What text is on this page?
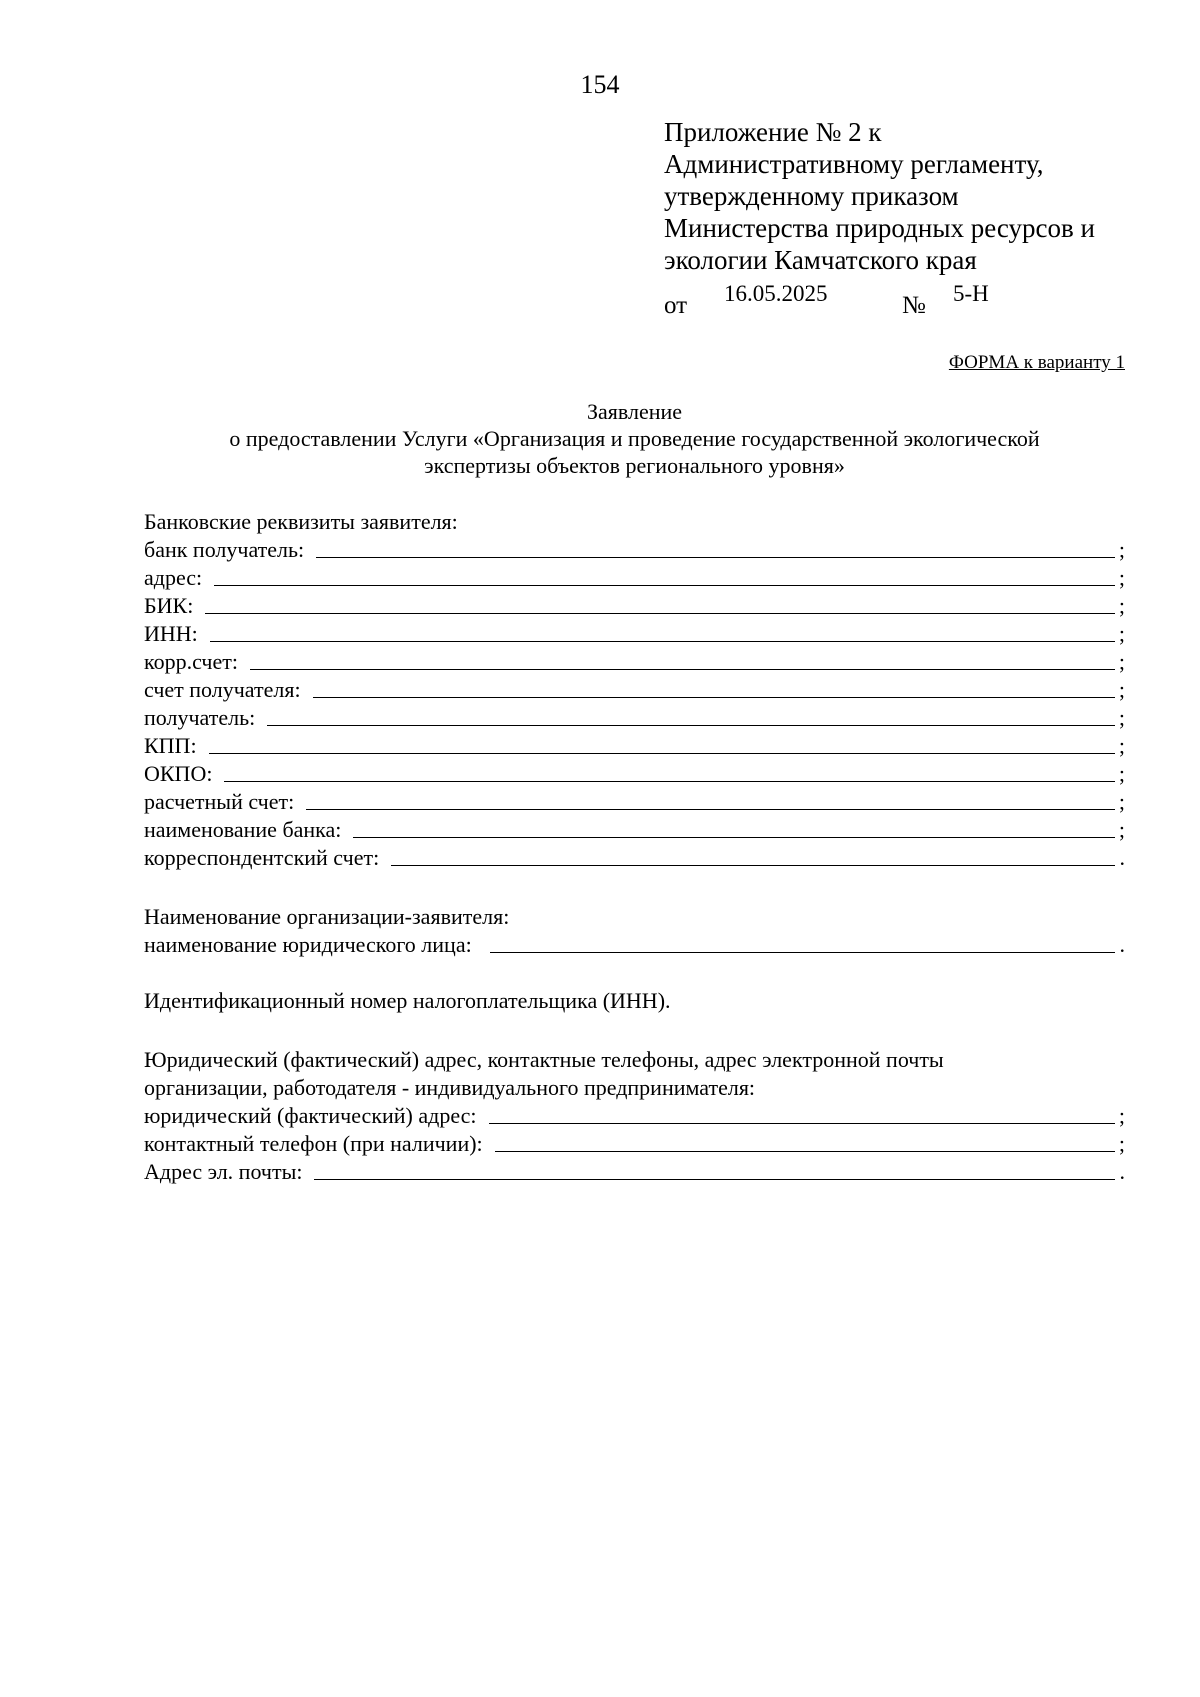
154
Приложение № 2 к
Административному регламенту,
утвержденному приказом
Министерства природных ресурсов и
экологии Камчатского края
от 16.05.2025	№ 5-Н
ФОРМА к варианту 1
Заявление
о предоставлении Услуги «Организация и проведение государственной экологической
экспертизы объектов регионального уровня»
Банковские реквизиты заявителя:
банк получатель:	;
адрес:	;
БИК:	;
ИНН:	;
корр.счет:	;
счет получателя:	;
получатель:	;
КПП:	;
ОКПО:	;
расчетный счет:	;
наименование банка:	;
корреспондентский счет:	.
Наименование организации-заявителя:
наименование юридического лица:	.
Идентификационный номер налогоплательщика (ИНН).
Юридический (фактический) адрес, контактные телефоны, адрес электронной почты
организации, работодателя - индивидуального предпринимателя:
юридический (фактический) адрес:	;
контактный телефон (при наличии):	;
Адрес эл. почты:	.
